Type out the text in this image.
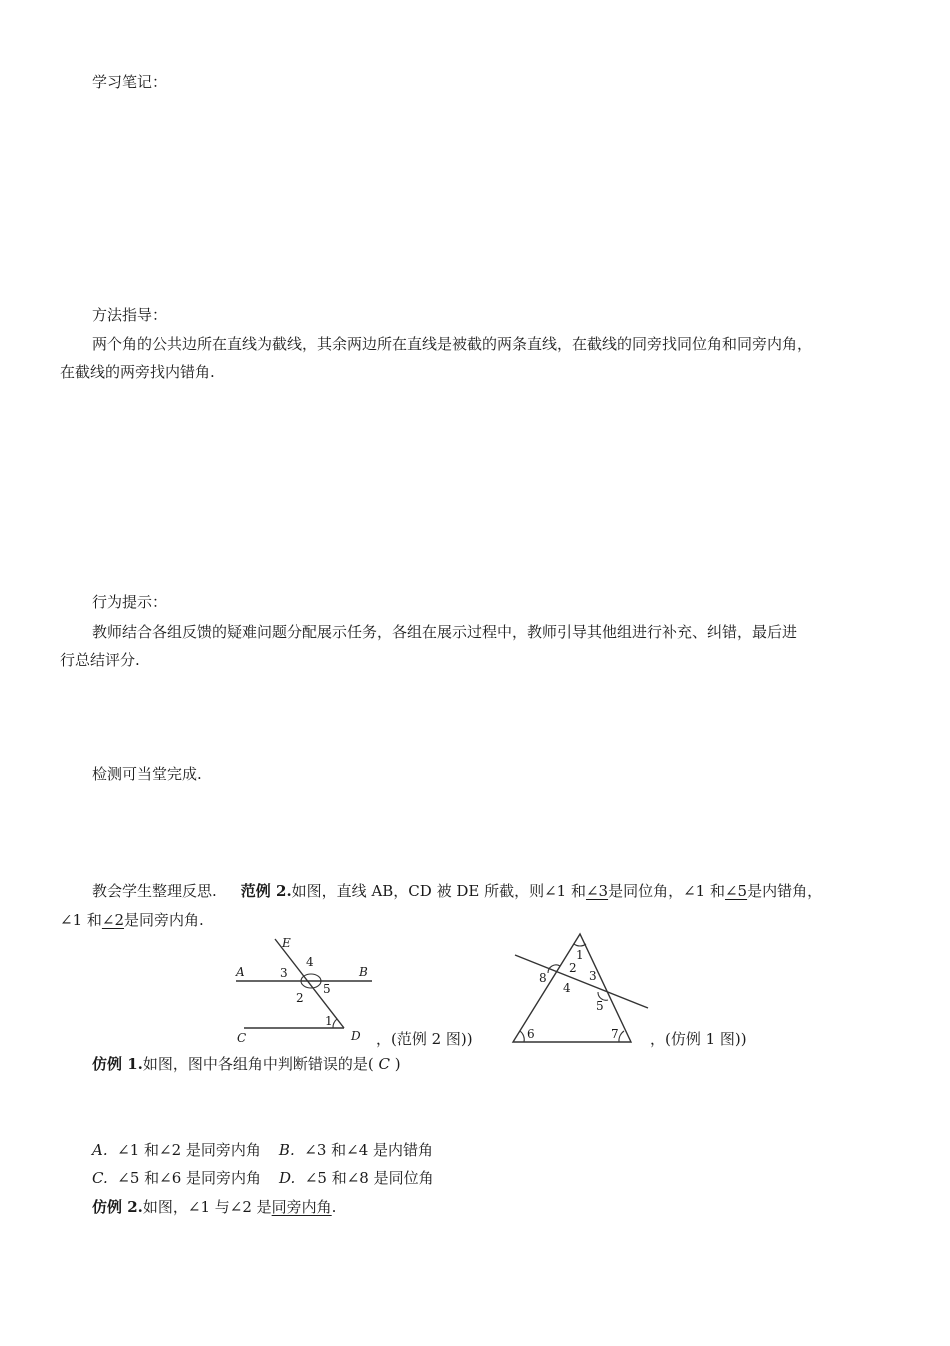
学习笔记：
方法指导：
两个角的公共边所在直线为截线，其余两边所在直线是被截的两条直线，在截线的同旁找同位角和同旁内角，
在截线的两旁找内错角.
行为提示：
教师结合各组反馈的疑难问题分配展示任务，各组在展示过程中，教师引导其他组进行补充、纠错，最后进
行总结评分.
检测可当堂完成.
教会学生整理反思. 范例 2.如图，直线 AB，CD 被 DE 所截，则∠1 和∠3是同位角，∠1 和∠5是内错角，
∠1 和∠2是同旁内角.
A	B
C	D
E
4
3
2
5
1
，(范例 2 图))
1
2
3
4
5
8
6	7 ，(仿例 1 图))
仿例 1.如图，图中各组角中判断错误的是( C )
A. ∠1 和∠2 是同旁内角 B. ∠3 和∠4 是内错角
C. ∠5 和∠6 是同旁内角 D. ∠5 和∠8 是同位角
仿例 2.如图，∠1 与∠2 是同旁内角.
